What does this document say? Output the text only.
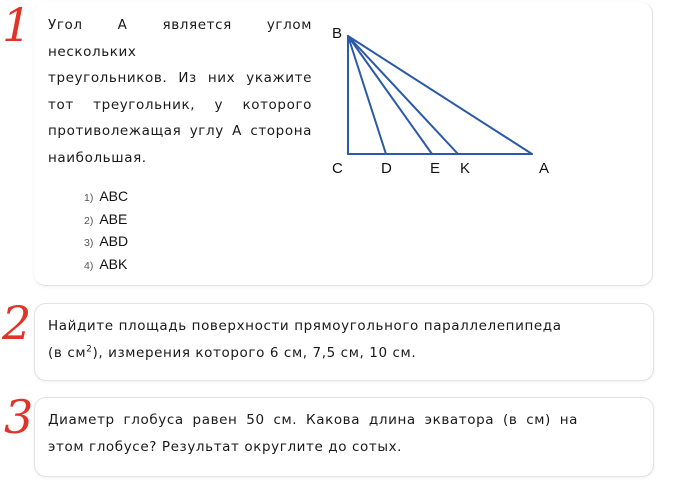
1
2
3

Угол А является углом нескольких
треугольников. Из них укажите
тот треугольник, у которого
противолежащая углу А сторона
наибольшая.

B
C	D	E K	A
1) ABC
2) ABE
3) ABD
4) ABK

Найдите площадь поверхности прямоугольного параллелепипеда
(в $см^2$), измерения которого 6 см, 7,5 см, 10 см.

Диаметр глобуса равен 50 см. Какова длина экватора (в см) на
этом глобусе? Результат округлите до сотых.
